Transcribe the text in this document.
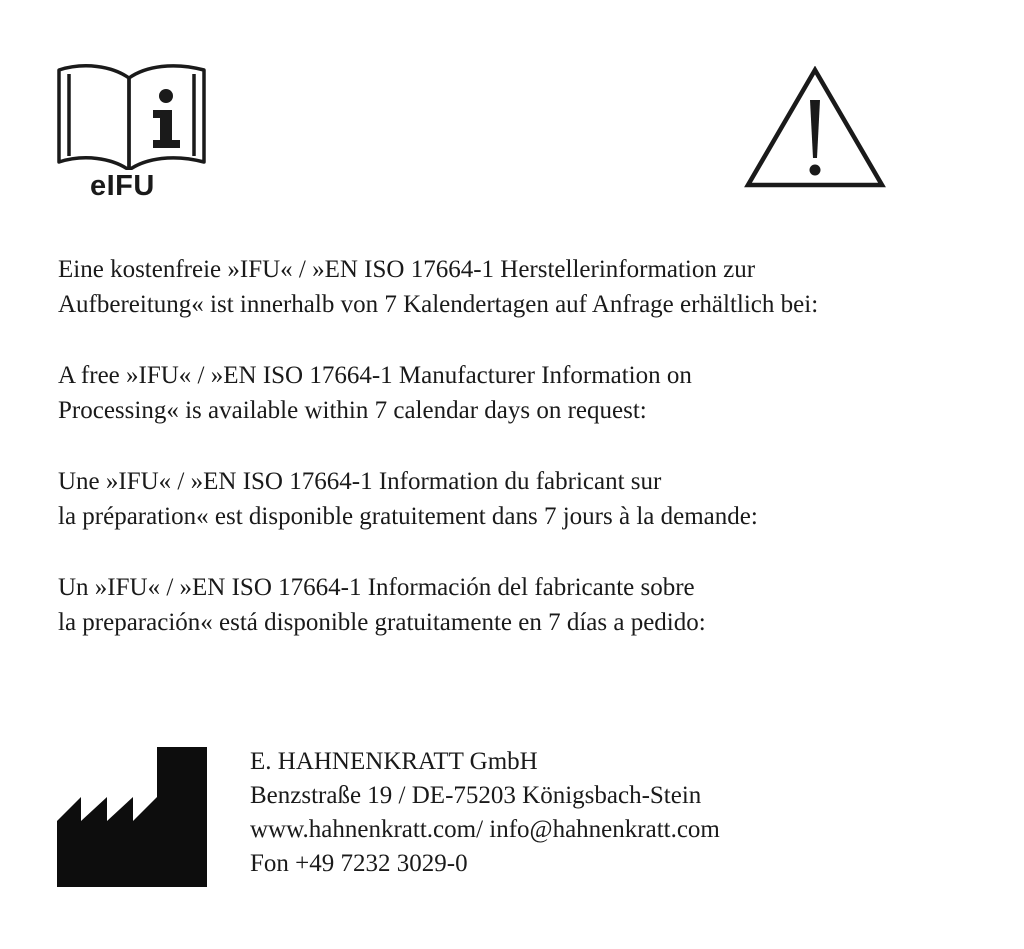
eIFU

Eine kostenfreie »IFU« / »EN ISO 17664-1 Herstellerinformation zur
Aufbereitung« ist innerhalb von 7 Kalendertagen auf Anfrage erhältlich bei:

A free »IFU« / »EN ISO 17664-1 Manufacturer Information on
Processing« is available within 7 calendar days on request:

Une »IFU« / »EN ISO 17664-1 Information du fabricant sur
la préparation« est disponible gratuitement dans 7 jours à la demande:

Un »IFU« / »EN ISO 17664-1 Información del fabricante sobre
la preparación« está disponible gratuitamente en 7 días a pedido:

E. HAHNENKRATT GmbH
Benzstraße 19 / DE-75203 Königsbach-Stein
www.hahnenkratt.com/ info@hahnenkratt.com
Fon +49 7232 3029-0
